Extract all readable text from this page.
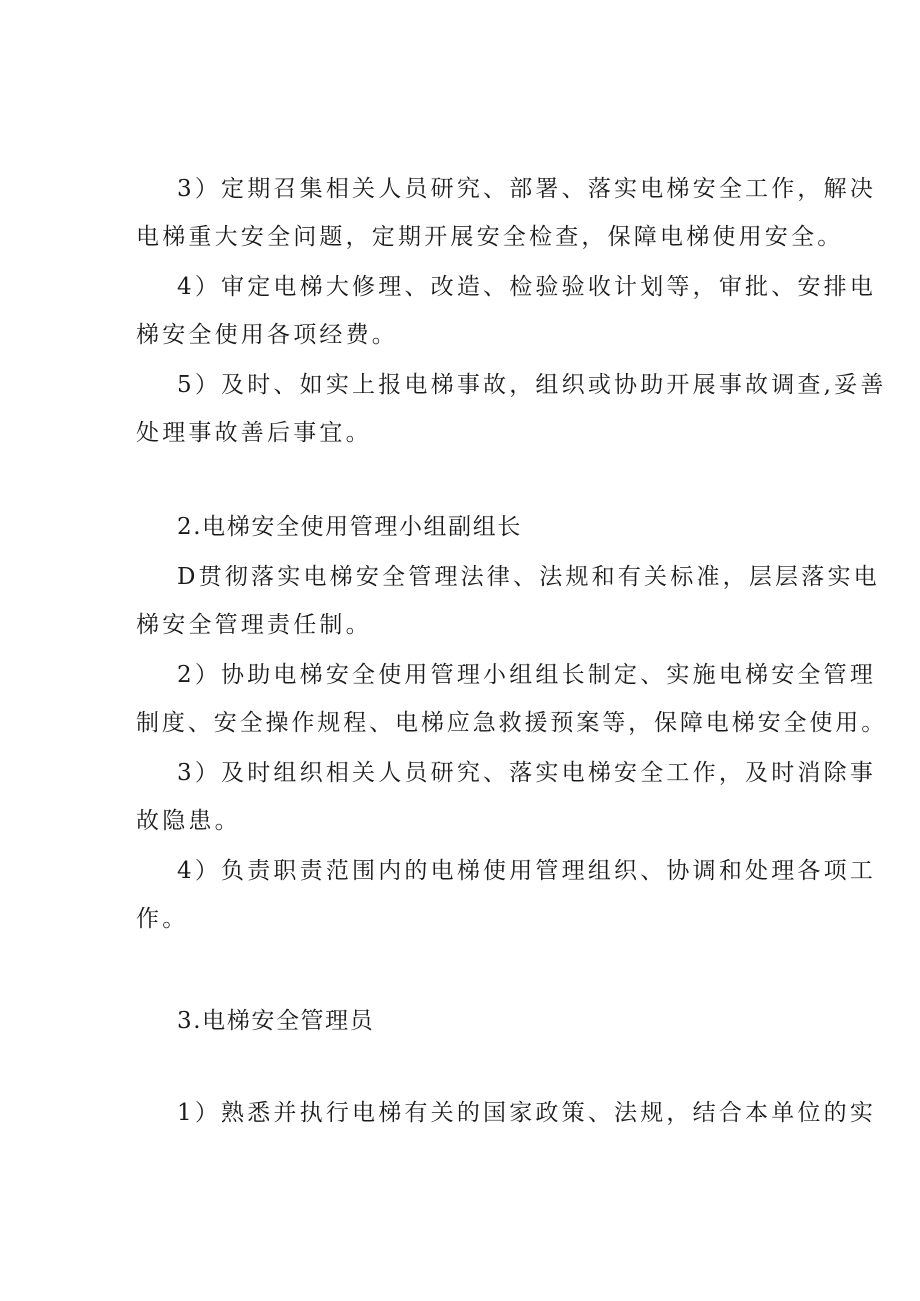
3）定期召集相关人员研究、部署、落实电梯安全工作，解决
电梯重大安全问题，定期开展安全检查，保障电梯使用安全。
4）审定电梯大修理、改造、检验验收计划等，审批、安排电
梯安全使用各项经费。
5）及时、如实上报电梯事故，组织或协助开展事故调查,妥善
处理事故善后事宜。
2.电梯安全使用管理小组副组长
D贯彻落实电梯安全管理法律、法规和有关标准，层层落实电
梯安全管理责任制。
2）协助电梯安全使用管理小组组长制定、实施电梯安全管理
制度、安全操作规程、电梯应急救援预案等，保障电梯安全使用。
3）及时组织相关人员研究、落实电梯安全工作，及时消除事
故隐患。
4）负责职责范围内的电梯使用管理组织、协调和处理各项工
作。
3.电梯安全管理员
1）熟悉并执行电梯有关的国家政策、法规，结合本单位的实
